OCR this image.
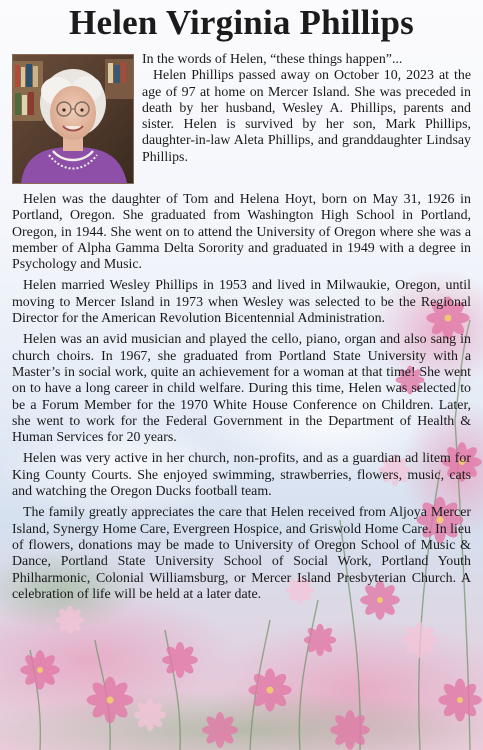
Helen Virginia Phillips

In the words of Helen, “these things happen”...

Helen Phillips passed away on October 10, 2023 at the age of 97 at home on Mercer Island. She was preceded in death by her husband, Wesley A. Phillips, parents and sister. Helen is survived by her son, Mark Phillips, daughter-in-law Aleta Phillips, and granddaughter Lindsay Phillips.

Helen was the daughter of Tom and Helena Hoyt, born on May 31, 1926 in Portland, Oregon. She graduated from Washington High School in Portland, Oregon, in 1944. She went on to attend the University of Oregon where she was a member of Alpha Gamma Delta Sorority and graduated in 1949 with a degree in Psychology and Music.

Helen married Wesley Phillips in 1953 and lived in Milwaukie, Oregon, until moving to Mercer Island in 1973 when Wesley was selected to be the Regional Director for the American Revolution Bicentennial Administration.

Helen was an avid musician and played the cello, piano, organ and also sang in church choirs. In 1967, she graduated from Portland State University with a Master’s in social work, quite an achievement for a woman at that time! She went on to have a long career in child welfare. During this time, Helen was selected to be a Forum Member for the 1970 White House Conference on Children. Later, she went to work for the Federal Government in the Department of Health & Human Services for 20 years.

Helen was very active in her church, non-profits, and as a guardian ad litem for King County Courts. She enjoyed swimming, strawberries, flowers, music, cats and watching the Oregon Ducks football team.

The family greatly appreciates the care that Helen received from Aljoya Mercer Island, Synergy Home Care, Evergreen Hospice, and Griswold Home Care. In lieu of flowers, donations may be made to University of Oregon School of Music & Dance, Portland State University School of Social Work, Portland Youth Philharmonic, Colonial Williamsburg, or Mercer Island Presbyterian Church. A celebration of life will be held at a later date.
